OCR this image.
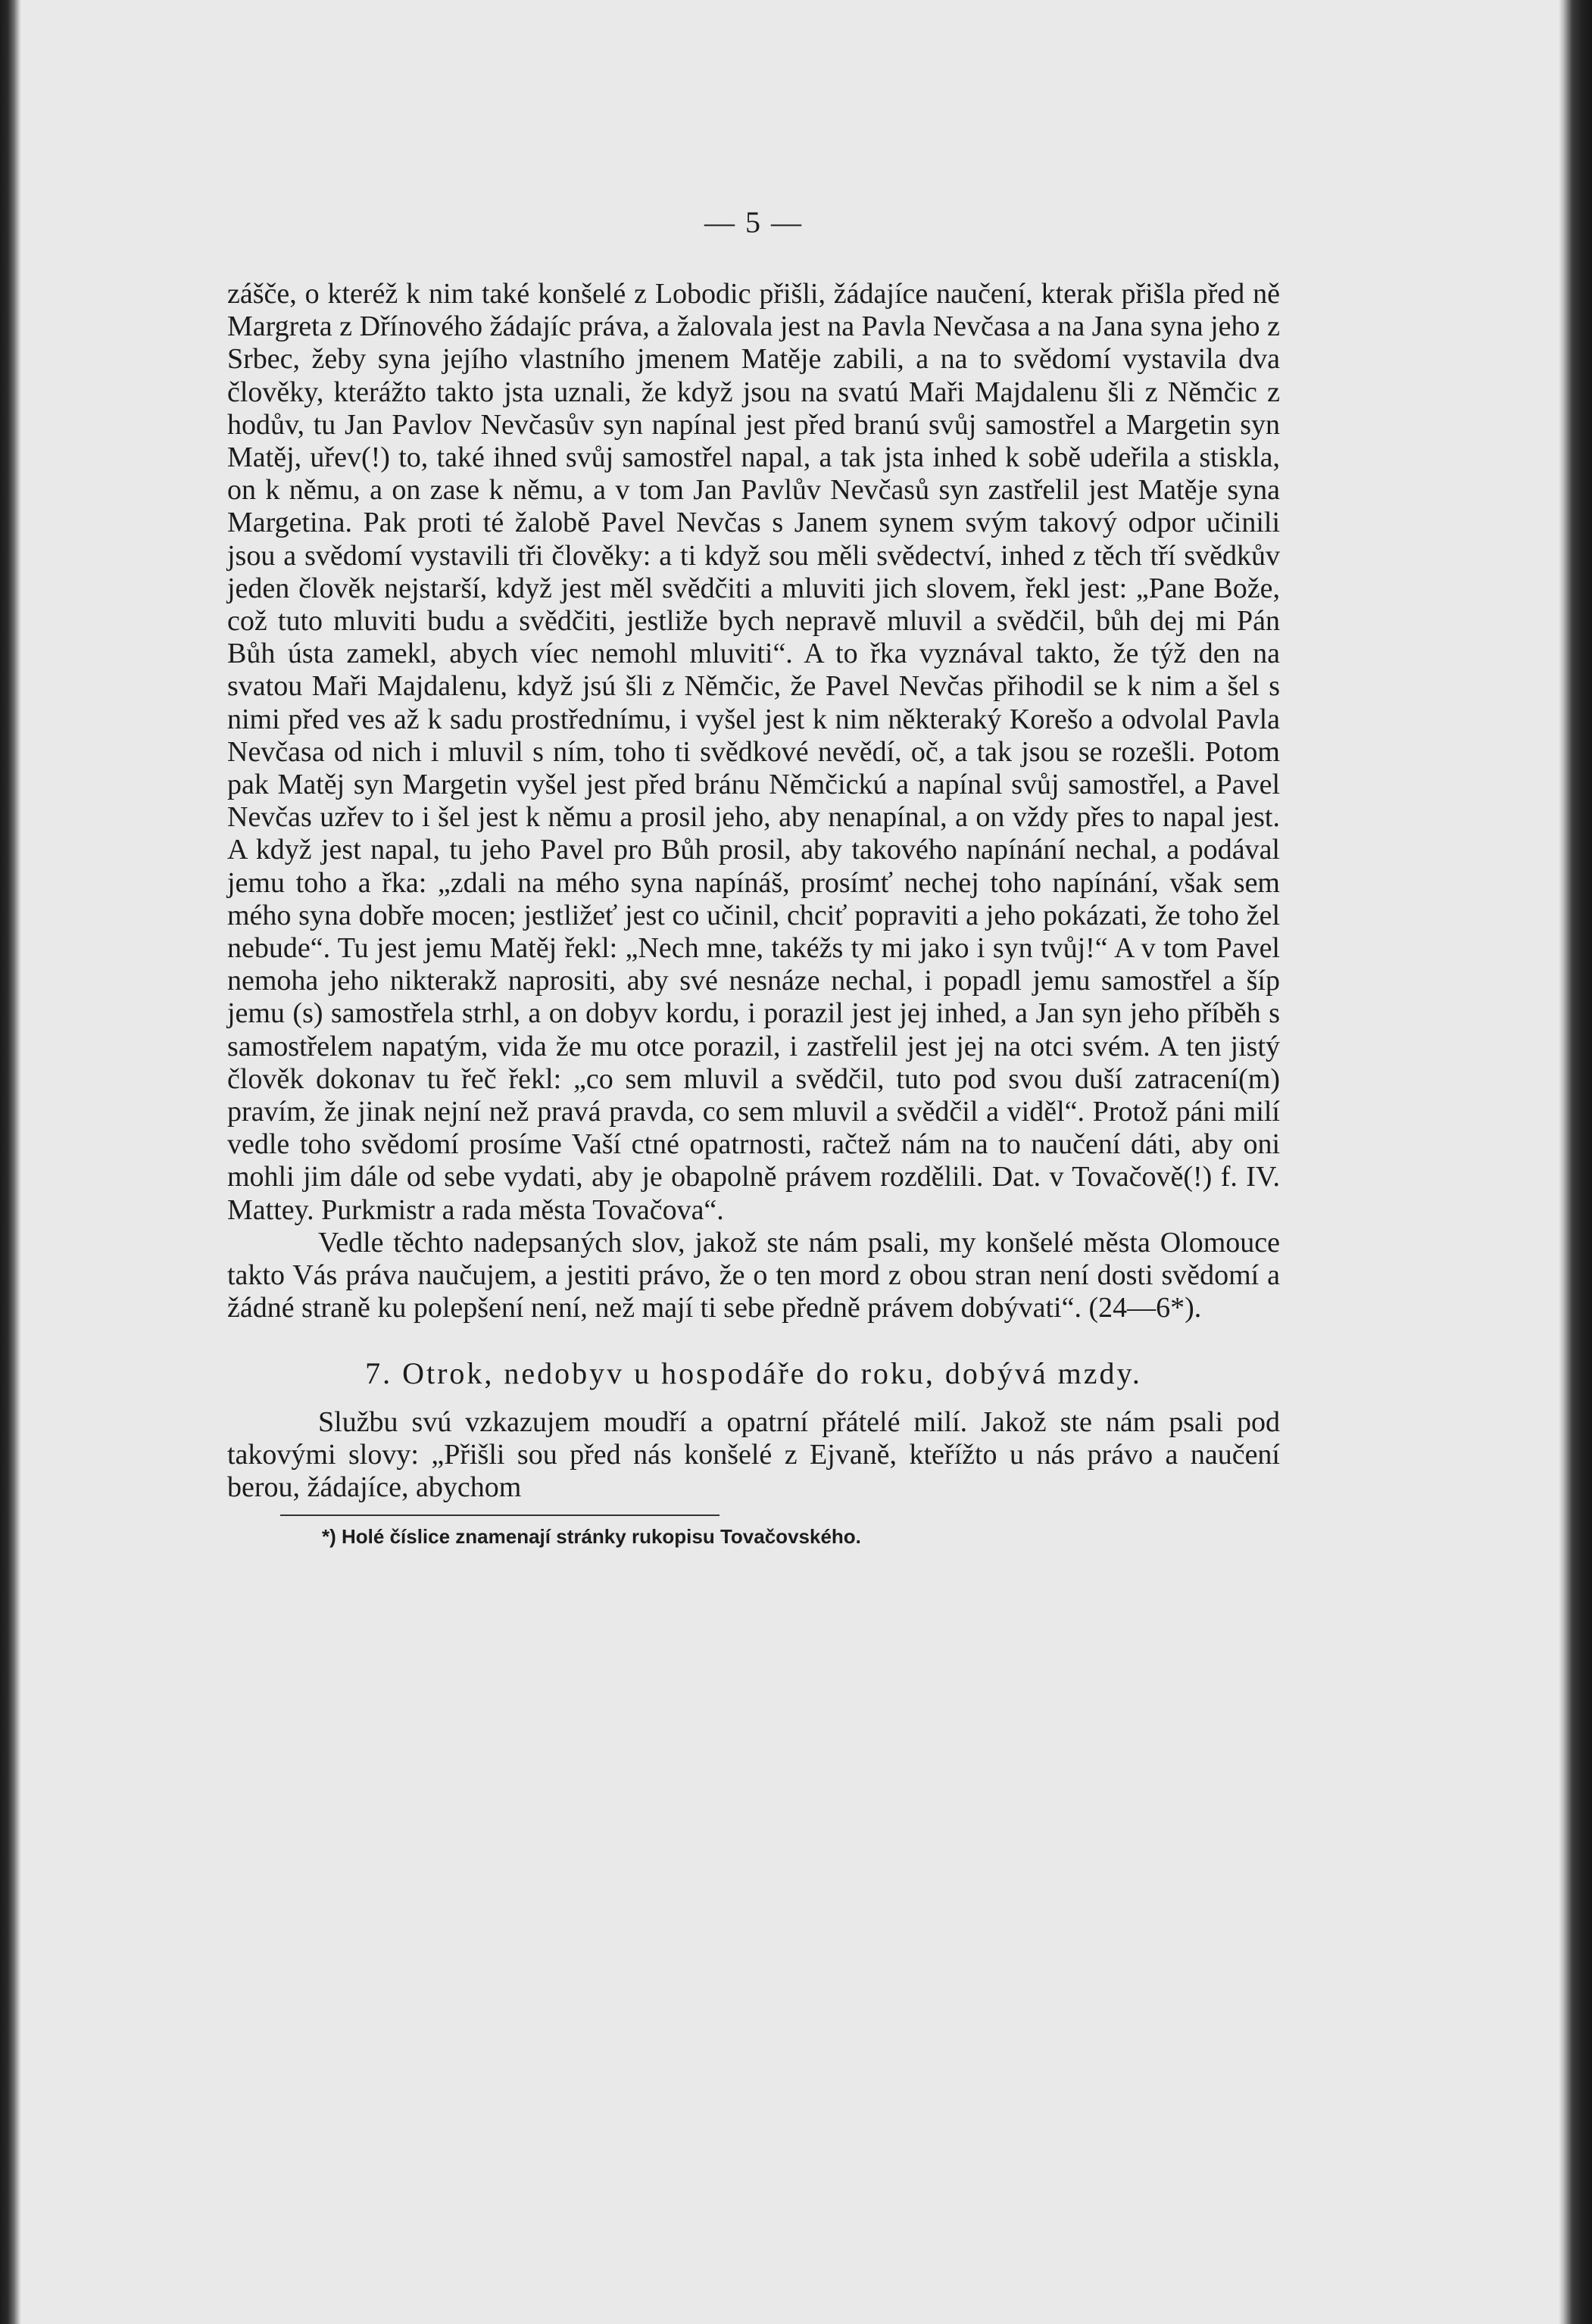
— 5 —

zášče, o kteréž k nim také konšelé z Lobodic přišli, žádajíce naučení, kterak přišla před ně Margreta z Dřínového žádajíc práva, a žalovala jest na Pavla Nevčasa a na Jana syna jeho z Srbec, žeby syna jejího vlastního jmenem Matěje zabili, a na to svědomí vystavila dva člověky, kterážto takto jsta uznali, že když jsou na svatú Maři Majdalenu šli z Němčic z hodův, tu Jan Pavlov Nevčasův syn napínal jest před branú svůj samostřel a Margetin syn Matěj, uřev(!) to, také ihned svůj samostřel napal, a tak jsta inhed k sobě udeřila a stiskla, on k němu, a on zase k němu, a v tom Jan Pavlův Nevčasů syn zastřelil jest Matěje syna Margetina. Pak proti té žalobě Pavel Nevčas s Janem synem svým takový odpor učinili jsou a svědomí vystavili tři člověky: a ti když sou měli svědectví, inhed z těch tří svědkův jeden člověk nejstarší, když jest měl svědčiti a mluviti jich slovem, řekl jest: „Pane Bože, což tuto mluviti budu a svědčiti, jestliže bych nepravě mluvil a svědčil, bůh dej mi Pán Bůh ústa zamekl, abych víec nemohl mluviti“. A to řka vyznával takto, že týž den na svatou Maři Majdalenu, když jsú šli z Němčic, že Pavel Nevčas přihodil se k nim a šel s nimi před ves až k sadu prostřednímu, i vyšel jest k nim některaký Korešo a odvolal Pavla Nevčasa od nich i mluvil s ním, toho ti svědkové nevědí, oč, a tak jsou se rozešli. Potom pak Matěj syn Margetin vyšel jest před bránu Němčickú a napínal svůj samostřel, a Pavel Nevčas uzřev to i šel jest k němu a prosil jeho, aby nenapínal, a on vždy přes to napal jest. A když jest napal, tu jeho Pavel pro Bůh prosil, aby takového napínání nechal, a podával jemu toho a řka: „zdali na mého syna napínáš, prosímť nechej toho napínání, však sem mého syna dobře mocen; jestližeť jest co učinil, chciť popraviti a jeho pokázati, že toho žel nebude“. Tu jest jemu Matěj řekl: „Nech mne, takéžs ty mi jako i syn tvůj!“ A v tom Pavel nemoha jeho nikterakž naprositi, aby své nesnáze nechal, i popadl jemu samostřel a šíp jemu (s) samostřela strhl, a on dobyv kordu, i porazil jest jej inhed, a Jan syn jeho příběh s samostřelem napatým, vida že mu otce porazil, i zastřelil jest jej na otci svém. A ten jistý člověk dokonav tu řeč řekl: „co sem mluvil a svědčil, tuto pod svou duší zatracení(m) pravím, že jinak nejní než pravá pravda, co sem mluvil a svědčil a viděl“. Protož páni milí vedle toho svědomí prosíme Vaší ctné opatrnosti, račtež nám na to naučení dáti, aby oni mohli jim dále od sebe vydati, aby je obapolně právem rozdělili. Dat. v Tovačově(!) f. IV. Mattey. Purkmistr a rada města Tovačova“.

Vedle těchto nadepsaných slov, jakož ste nám psali, my konšelé města Olomouce takto Vás práva naučujem, a jestiti právo, že o ten mord z obou stran není dosti svědomí a žádné straně ku polepšení není, než mají ti sebe předně právem dobývati“. (24—6*).

7. Otrok, nedobyv u hospodáře do roku, dobývá mzdy.

Službu svú vzkazujem moudří a opatrní přátelé milí. Jakož ste nám psali pod takovými slovy: „Přišli sou před nás konšelé z Ejvaně, kteřížto u nás právo a naučení berou, žádajíce, abychom

*) Holé číslice znamenají stránky rukopisu Tovačovského.
